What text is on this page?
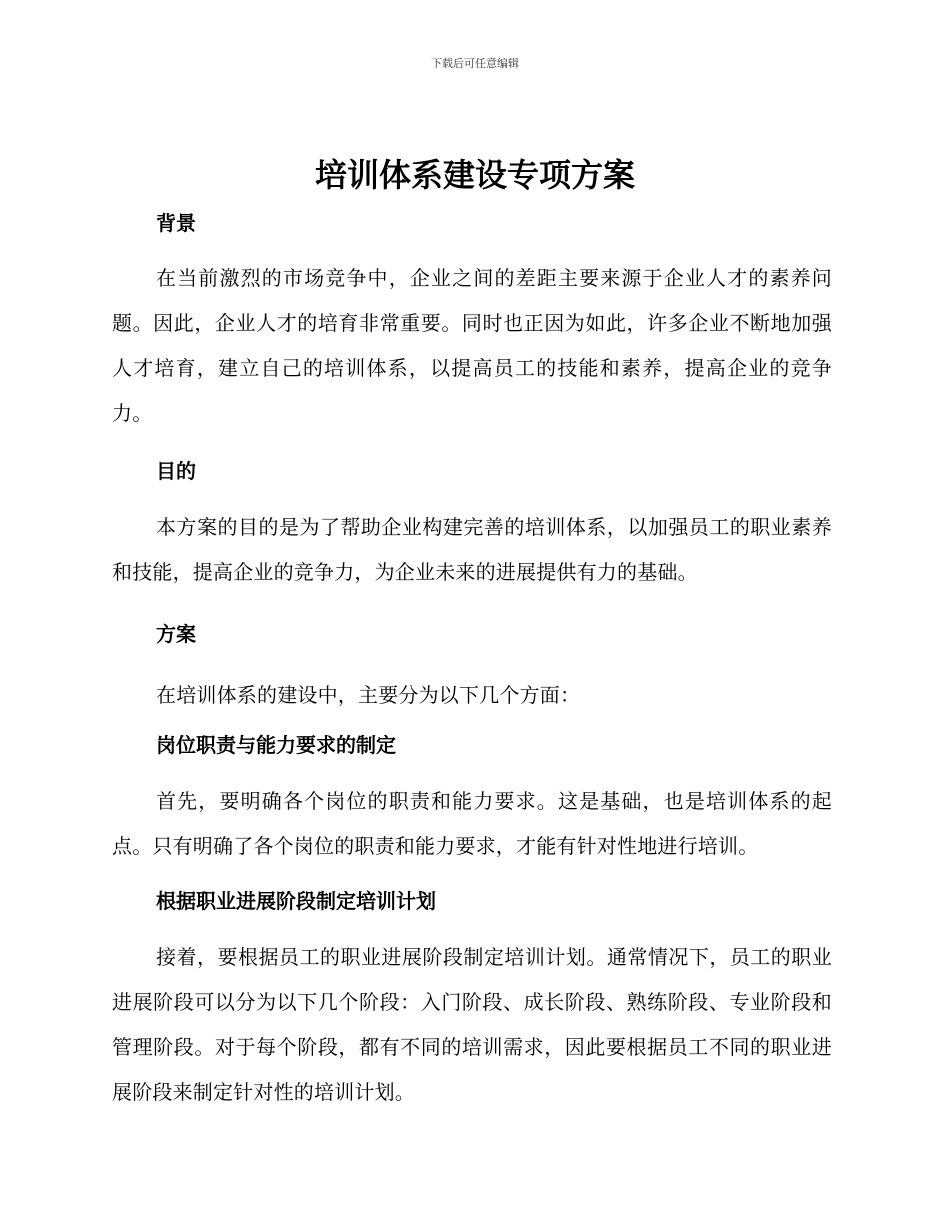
下载后可任意编辑
培训体系建设专项方案
背景

在当前激烈的市场竞争中，企业之间的差距主要来源于企业人才的素养问题。因此，企业人才的培育非常重要。同时也正因为如此，许多企业不断地加强人才培育，建立自己的培训体系，以提高员工的技能和素养，提高企业的竞争力。

目的

本方案的目的是为了帮助企业构建完善的培训体系，以加强员工的职业素养和技能，提高企业的竞争力，为企业未来的进展提供有力的基础。

方案

在培训体系的建设中，主要分为以下几个方面：

岗位职责与能力要求的制定

首先，要明确各个岗位的职责和能力要求。这是基础，也是培训体系的起点。只有明确了各个岗位的职责和能力要求，才能有针对性地进行培训。

根据职业进展阶段制定培训计划

接着，要根据员工的职业进展阶段制定培训计划。通常情况下，员工的职业进展阶段可以分为以下几个阶段：入门阶段、成长阶段、熟练阶段、专业阶段和管理阶段。对于每个阶段，都有不同的培训需求，因此要根据员工不同的职业进展阶段来制定针对性的培训计划。
